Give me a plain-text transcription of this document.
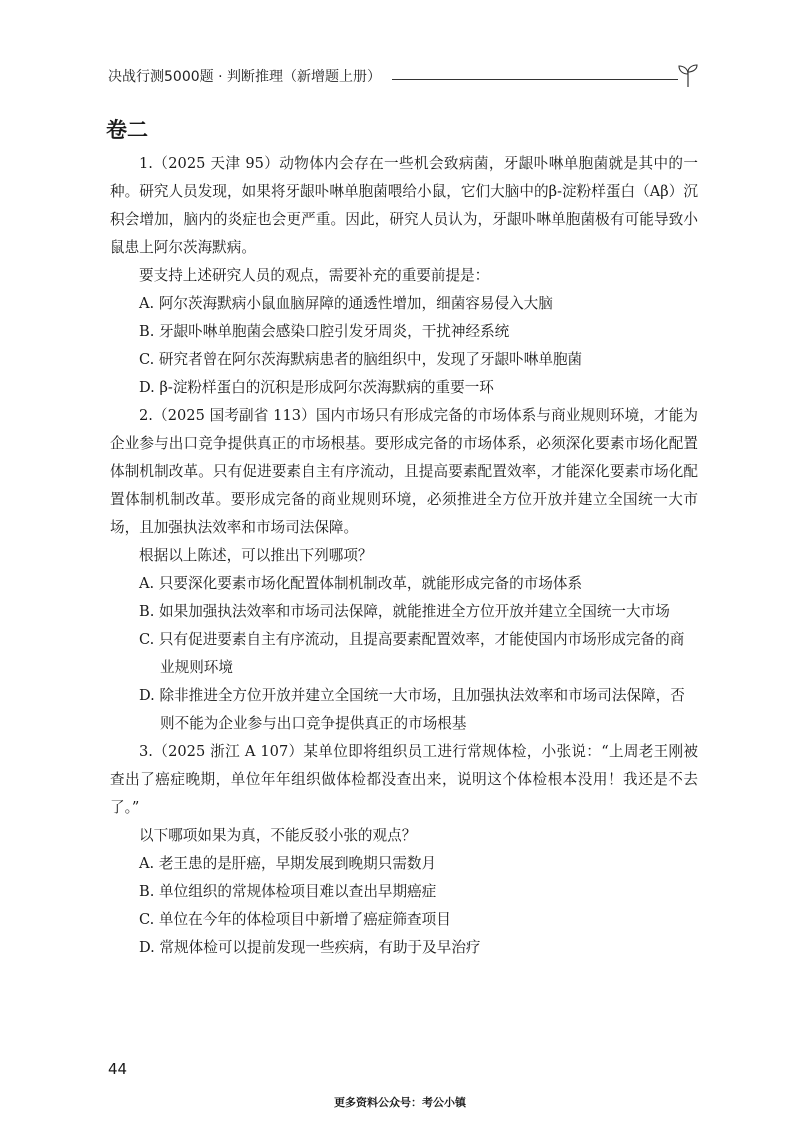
决战行测5000题 · 判断推理（新增题上册）
卷二

1.（2025 天津 95）动物体内会存在一些机会致病菌，牙龈卟啉单胞菌就是其中的一种。研究人员发现，如果将牙龈卟啉单胞菌喂给小鼠，它们大脑中的β-淀粉样蛋白（Aβ）沉积会增加，脑内的炎症也会更严重。因此，研究人员认为，牙龈卟啉单胞菌极有可能导致小鼠患上阿尔茨海默病。

要支持上述研究人员的观点，需要补充的重要前提是：

A. 阿尔茨海默病小鼠血脑屏障的通透性增加，细菌容易侵入大脑

B. 牙龈卟啉单胞菌会感染口腔引发牙周炎，干扰神经系统

C. 研究者曾在阿尔茨海默病患者的脑组织中，发现了牙龈卟啉单胞菌

D. β-淀粉样蛋白的沉积是形成阿尔茨海默病的重要一环

2.（2025 国考副省 113）国内市场只有形成完备的市场体系与商业规则环境，才能为企业参与出口竞争提供真正的市场根基。要形成完备的市场体系，必须深化要素市场化配置体制机制改革。只有促进要素自主有序流动，且提高要素配置效率，才能深化要素市场化配置体制机制改革。要形成完备的商业规则环境，必须推进全方位开放并建立全国统一大市场，且加强执法效率和市场司法保障。

根据以上陈述，可以推出下列哪项？

A. 只要深化要素市场化配置体制机制改革，就能形成完备的市场体系

B. 如果加强执法效率和市场司法保障，就能推进全方位开放并建立全国统一大市场

C. 只有促进要素自主有序流动，且提高要素配置效率，才能使国内市场形成完备的商业规则环境

D. 除非推进全方位开放并建立全国统一大市场，且加强执法效率和市场司法保障，否则不能为企业参与出口竞争提供真正的市场根基

3.（2025 浙江 A 107）某单位即将组织员工进行常规体检，小张说：“上周老王刚被查出了癌症晚期，单位年年组织做体检都没查出来，说明这个体检根本没用！我还是不去了。”

以下哪项如果为真，不能反驳小张的观点？

A. 老王患的是肝癌，早期发展到晚期只需数月

B. 单位组织的常规体检项目难以查出早期癌症

C. 单位在今年的体检项目中新增了癌症筛查项目

D. 常规体检可以提前发现一些疾病，有助于及早治疗

44
更多资料公众号：考公小镇
